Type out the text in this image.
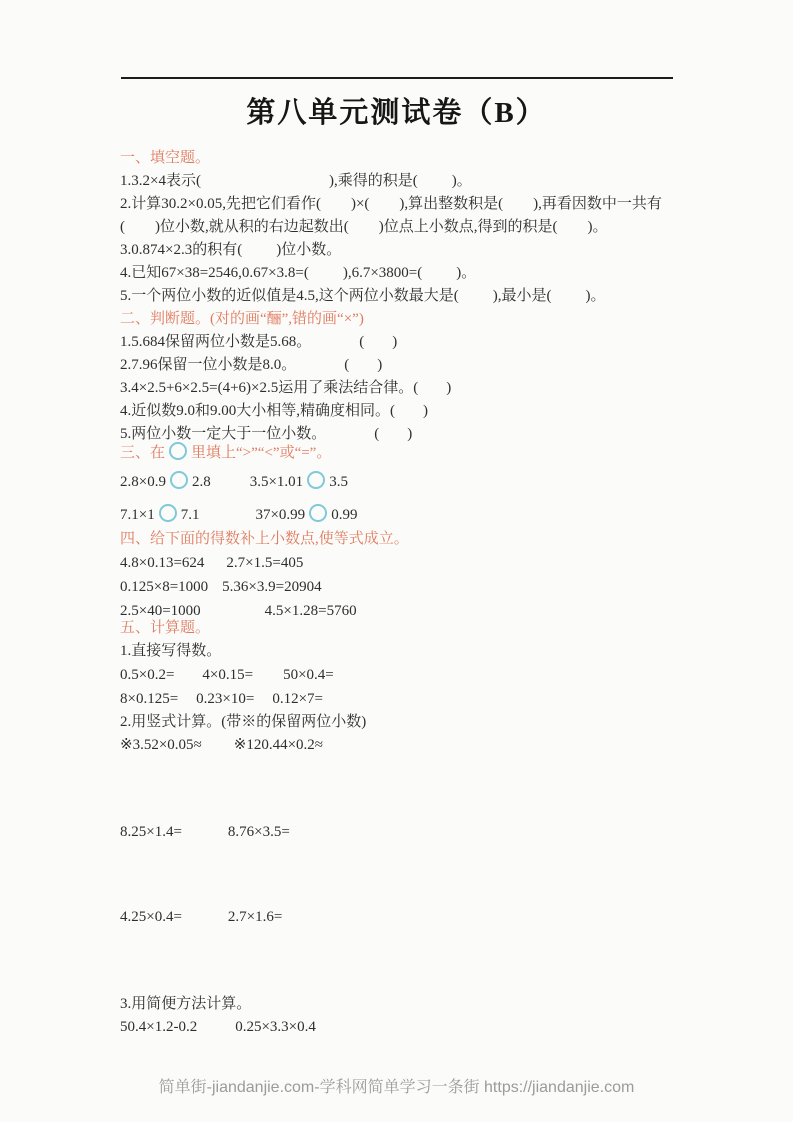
第八单元测试卷（B）
一、填空题。
1.3.2×4表示(	),乘得的积是( )。
2.计算30.2×0.05,先把它们看作( )×( ),算出整数积是( ),再看因数中一共有
( )位小数,就从积的右边起数出( )位点上小数点,得到的积是( )。
3.0.874×2.3的积有( )位小数。
4.已知67×38=2546,0.67×3.8=( ),6.7×3800=( )。
5.一个两位小数的近似值是4.5,这个两位小数最大是( ),最小是( )。
二、判断题。(对的画“酾”,错的画“×”)
1.5.684保留两位小数是5.68。	( )
2.7.96保留一位小数是8.0。	( )
3.4×2.5+6×2.5=(4+6)×2.5运用了乘法结合律。( )
4.近似数9.0和9.00大小相等,精确度相同。( )
5.两位小数一定大于一位小数。	( )
三、在 里填上“>”“<”或“=”。
2.8×0.9 2.8	3.5×1.01 3.5
7.1×1 7.1	37×0.99 0.99
四、给下面的得数补上小数点,使等式成立。
4.8×0.13=624 2.7×1.5=405
0.125×8=1000 5.36×3.9=20904
2.5×40=1000	4.5×1.28=5760
五、计算题。
1.直接写得数。
0.5×0.2= 4×0.15= 50×0.4=
8×0.125= 0.23×10= 0.12×7=
2.用竖式计算。(带※的保留两位小数)
※3.52×0.05≈ ※120.44×0.2≈
8.25×1.4=	8.76×3.5=
4.25×0.4=	2.7×1.6=
3.用简便方法计算。
50.4×1.2-0.2	0.25×3.3×0.4
简单街-jiandanjie.com-学科网简单学习一条街 https://jiandanjie.com
